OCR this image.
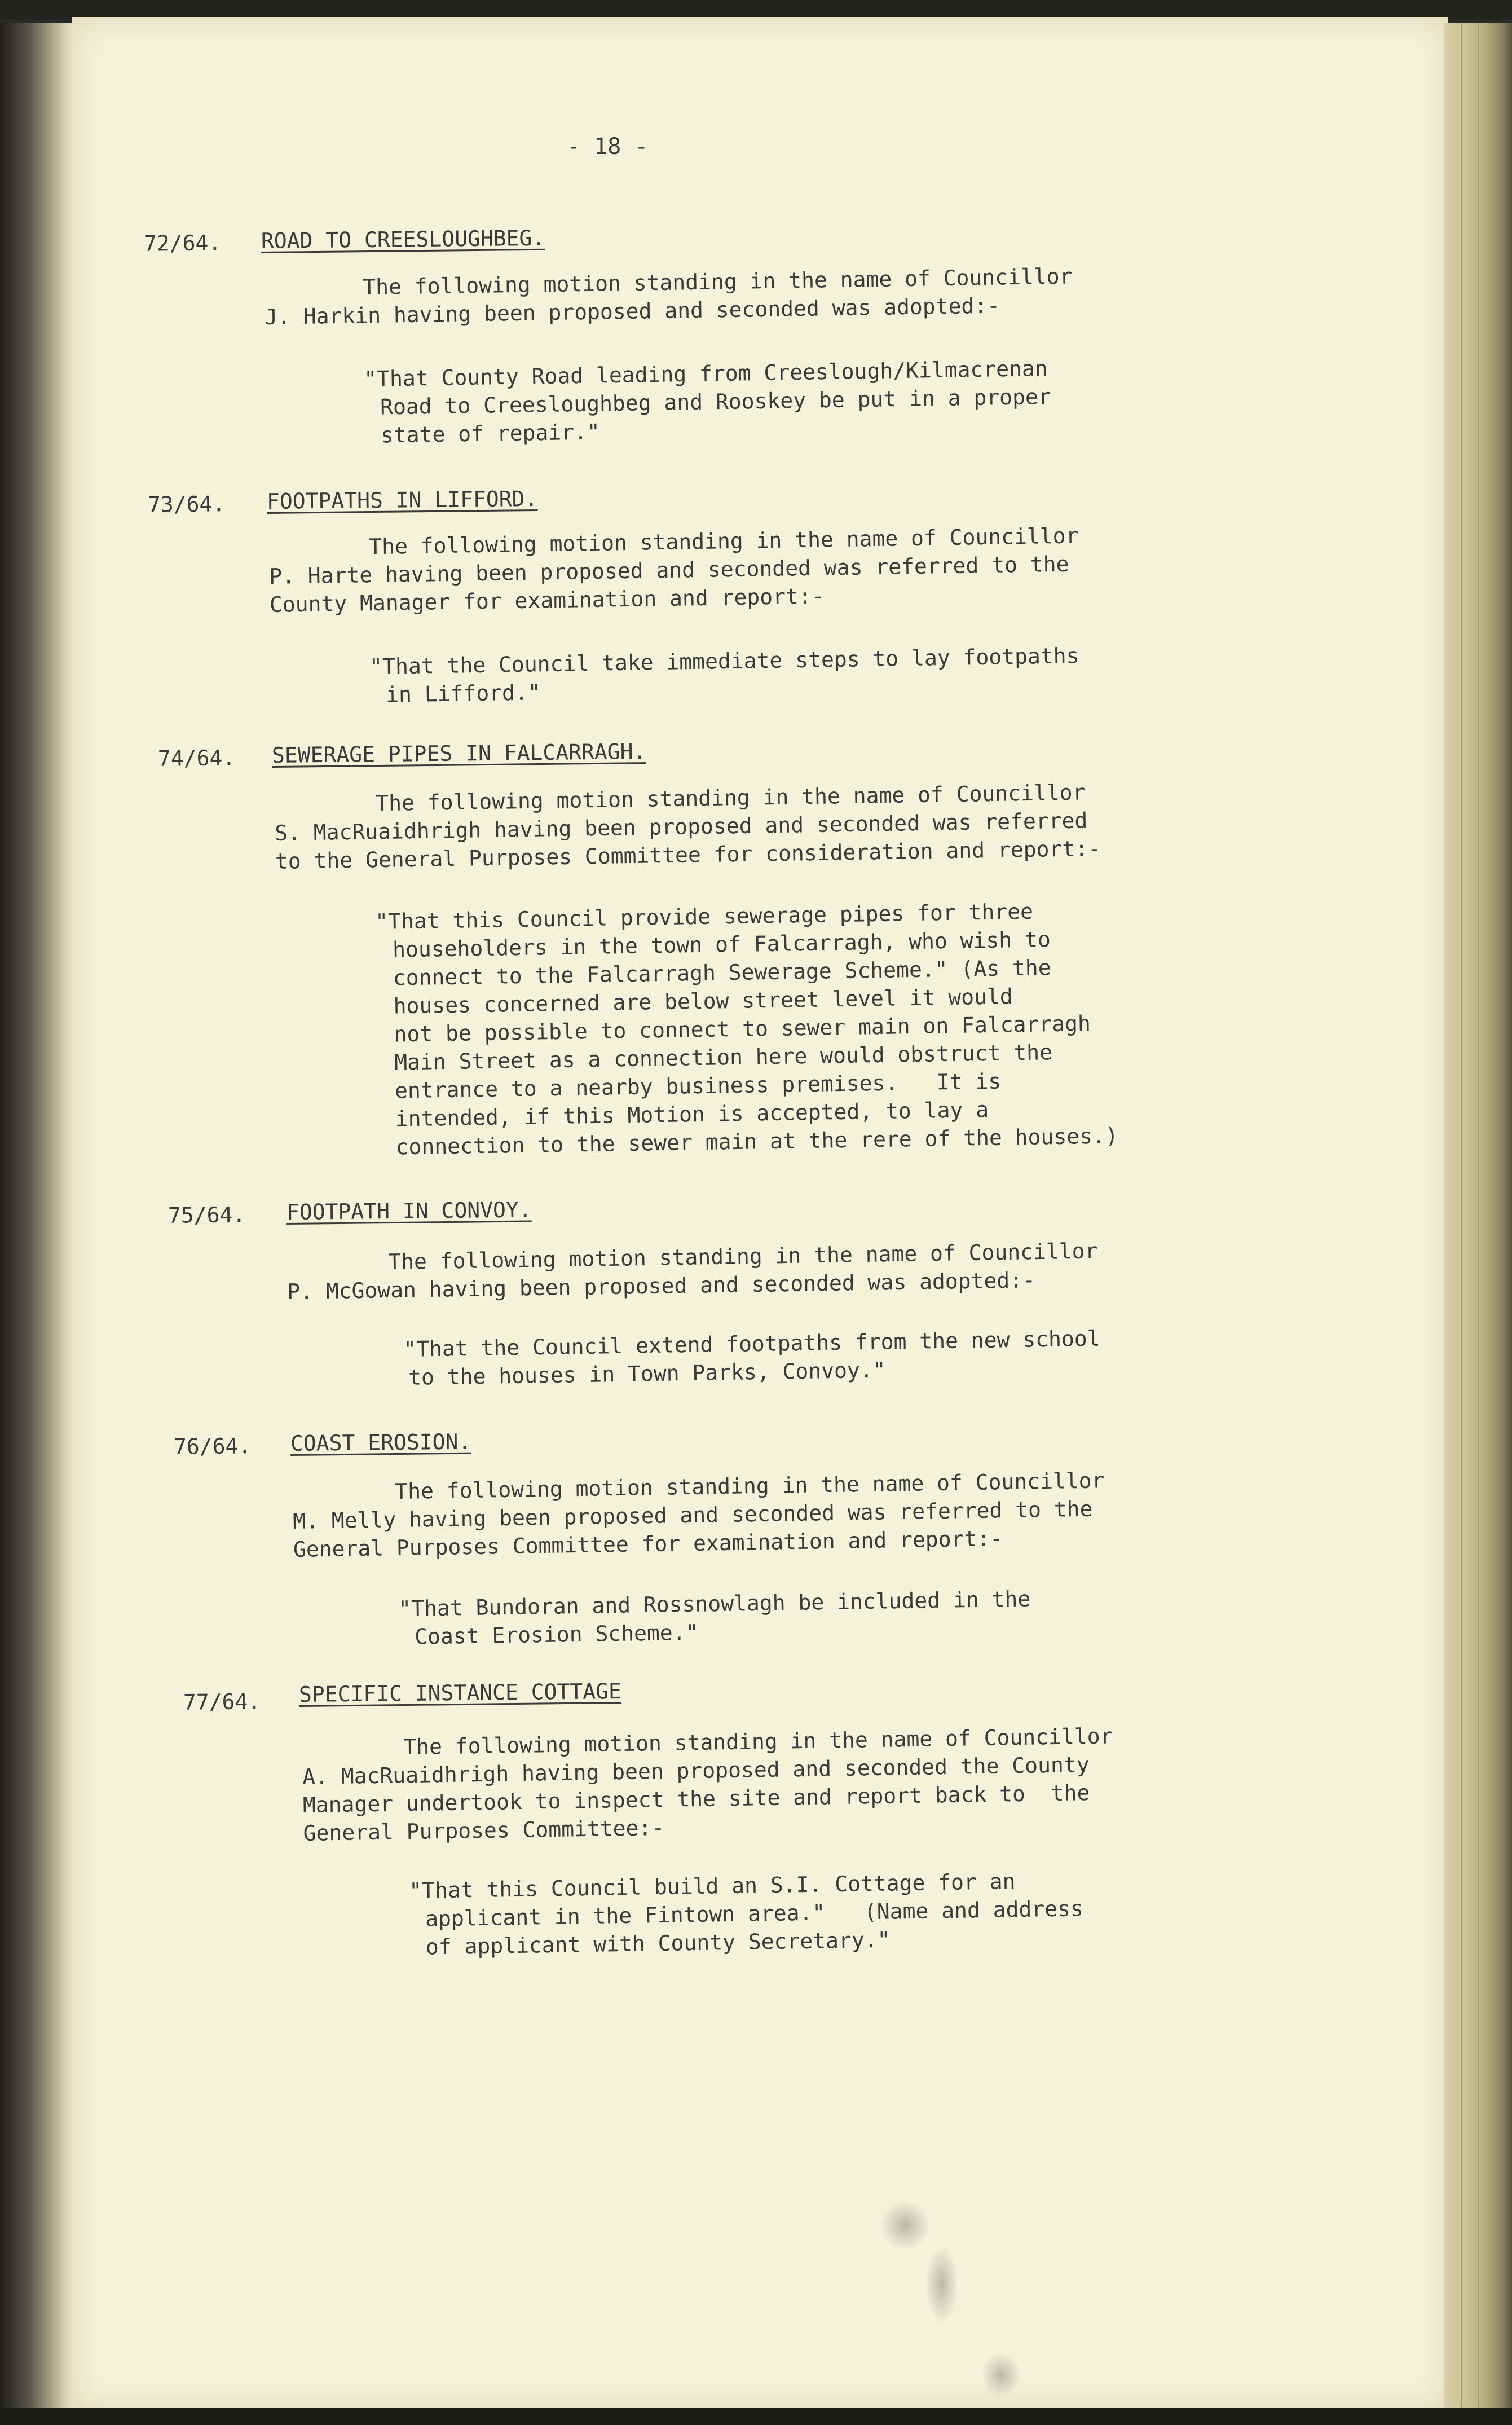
- 18 -
72/64. ROAD TO CREESLOUGHBEG.
The following motion standing in the name of Councillor
J. Harkin having been proposed and seconded was adopted:-
"That County Road leading from Creeslough/Kilmacrenan
Road to Creesloughbeg and Rooskey be put in a proper
state of repair."
73/64. FOOTPATHS IN LIFFORD.
The following motion standing in the name of Councillor
P. Harte having been proposed and seconded was referred to the
County Manager for examination and report:-
"That the Council take immediate steps to lay footpaths
in Lifford."
74/64. SEWERAGE PIPES IN FALCARRAGH.
The following motion standing in the name of Councillor
S. MacRuaidhrigh having been proposed and seconded was referred
to the General Purposes Committee for consideration and report:-
"That this Council provide sewerage pipes for three
householders in the town of Falcarragh, who wish to
connect to the Falcarragh Sewerage Scheme." (As the
houses concerned are below street level it would
not be possible to connect to sewer main on Falcarragh
Main Street as a connection here would obstruct the
entrance to a nearby business premises.   It is
intended, if this Motion is accepted, to lay a
connection to the sewer main at the rere of the houses.)
75/64. FOOTPATH IN CONVOY.
The following motion standing in the name of Councillor
P. McGowan having been proposed and seconded was adopted:-
"That the Council extend footpaths from the new school
to the houses in Town Parks, Convoy."
76/64. COAST EROSION.
The following motion standing in the name of Councillor
M. Melly having been proposed and seconded was referred to the
General Purposes Committee for examination and report:-
"That Bundoran and Rossnowlagh be included in the
Coast Erosion Scheme."
77/64. SPECIFIC INSTANCE COTTAGE
The following motion standing in the name of Councillor
A. MacRuaidhrigh having been proposed and seconded the County
Manager undertook to inspect the site and report back to  the
General Purposes Committee:-
"That this Council build an S.I. Cottage for an
applicant in the Fintown area."   (Name and address
of applicant with County Secretary."
